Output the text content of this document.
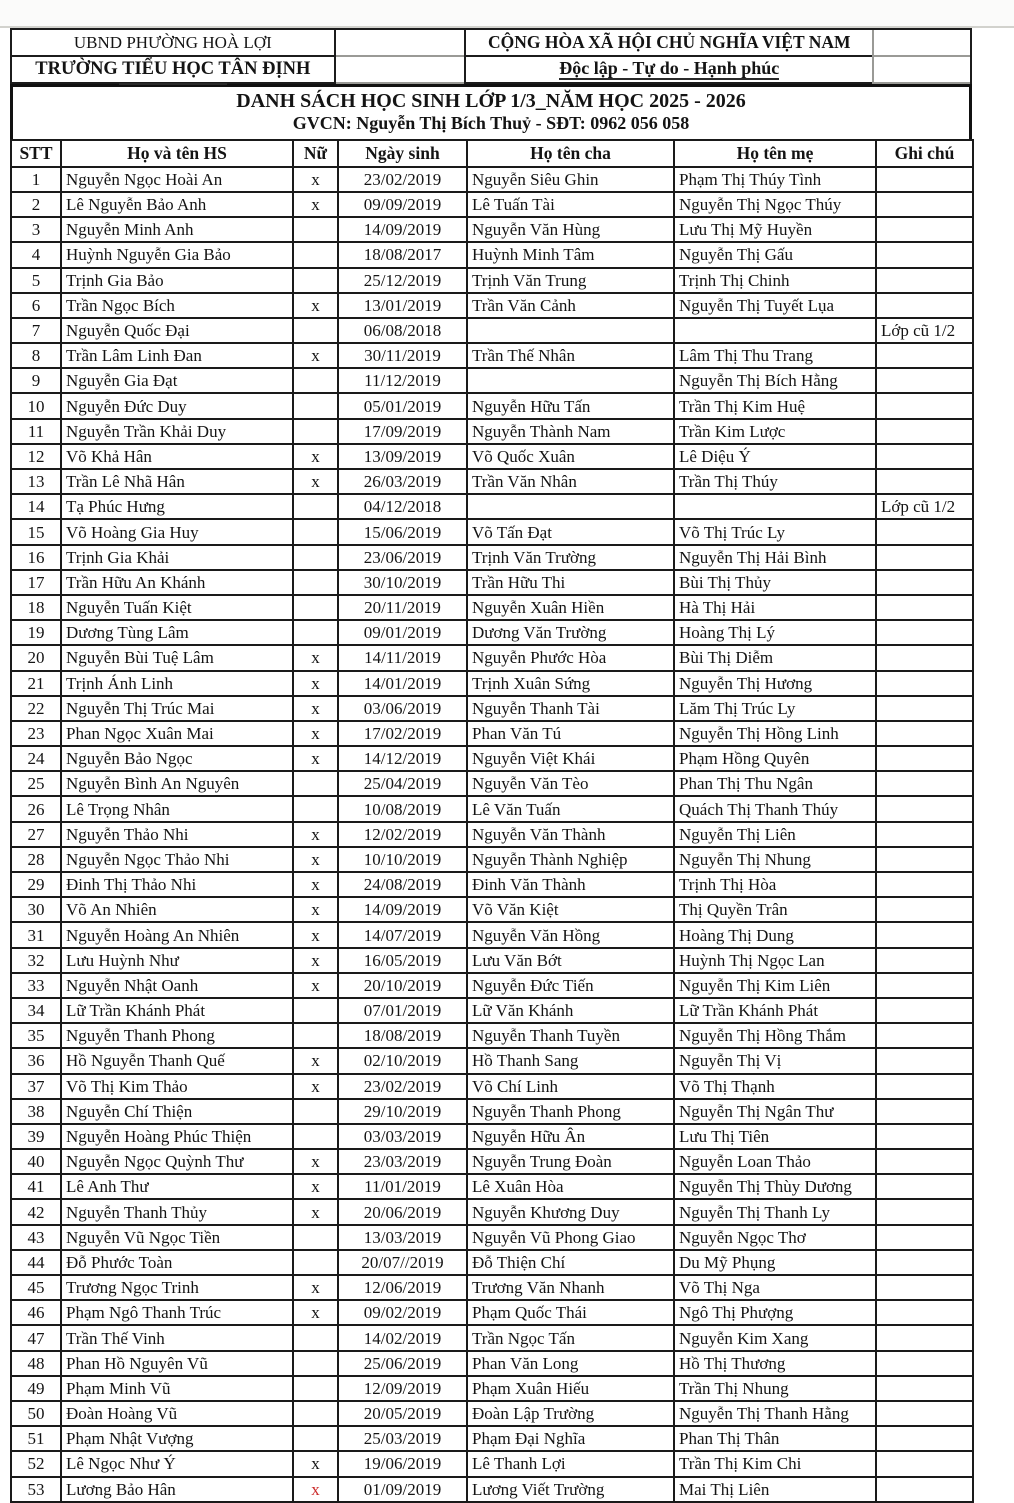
UBND PHƯỜNG HOÀ LỢI
TRƯỜNG TIỂU HỌC TÂN ĐỊNH
CỘNG HÒA XÃ HỘI CHỦ NGHĨA VIỆT NAM
Độc lập - Tự do - Hạnh phúc
DANH SÁCH HỌC SINH LỚP 1/3_NĂM HỌC 2025 - 2026
GVCN: Nguyễn Thị Bích Thuỷ - SĐT: 0962 056 058
STT	Họ và tên HS	Nữ	Ngày sinh	Họ tên cha	Họ tên mẹ	Ghi chú
1	Nguyễn Ngọc Hoài An	x	23/02/2019	Nguyễn Siêu Ghin	Phạm Thị Thúy Tình	
2	Lê Nguyễn Bảo Anh	x	09/09/2019	Lê Tuấn Tài	Nguyễn Thị Ngọc Thúy	
3	Nguyễn Minh Anh		14/09/2019	Nguyễn Văn Hùng	Lưu Thị Mỹ Huyền	
4	Huỳnh Nguyễn Gia Bảo		18/08/2017	Huỳnh Minh Tâm	Nguyễn Thị Gấu	
5	Trịnh Gia Bảo		25/12/2019	Trịnh Văn Trung	Trịnh Thị Chinh	
6	Trần Ngọc Bích	x	13/01/2019	Trần Văn Cảnh	Nguyễn Thị Tuyết Lụa	
7	Nguyễn Quốc Đại		06/08/2018			Lớp cũ 1/2
8	Trần Lâm Linh Đan	x	30/11/2019	Trần Thế Nhân	Lâm Thị Thu Trang	
9	Nguyễn Gia Đạt		11/12/2019		Nguyễn Thị Bích Hằng	
10	Nguyễn Đức Duy		05/01/2019	Nguyễn Hữu Tấn	Trần Thị Kim Huệ	
11	Nguyễn Trần Khải Duy		17/09/2019	Nguyễn Thành Nam	Trần Kim Lược	
12	Võ Khả Hân	x	13/09/2019	Võ Quốc Xuân	Lê Diệu Ý	
13	Trần Lê Nhã Hân	x	26/03/2019	Trần Văn Nhân	Trần Thị Thúy	
14	Tạ Phúc Hưng		04/12/2018			Lớp cũ 1/2
15	Võ Hoàng Gia Huy		15/06/2019	Võ Tấn Đạt	Võ Thị Trúc Ly	
16	Trịnh Gia Khải		23/06/2019	Trịnh Văn Trường	Nguyễn Thị Hải Bình	
17	Trần Hữu An Khánh		30/10/2019	Trần Hữu Thi	Bùi Thị Thủy	
18	Nguyễn Tuấn Kiệt		20/11/2019	Nguyễn Xuân Hiền	Hà Thị Hải	
19	Dương Tùng Lâm		09/01/2019	Dương Văn Trường	Hoàng Thị Lý	
20	Nguyễn Bùi Tuệ Lâm	x	14/11/2019	Nguyễn Phước Hòa	Bùi Thị Diễm	
21	Trịnh Ánh Linh	x	14/01/2019	Trịnh Xuân Sứng	Nguyễn Thị Hương	
22	Nguyễn Thị Trúc Mai	x	03/06/2019	Nguyễn Thanh Tài	Lăm Thị Trúc Ly	
23	Phan Ngọc Xuân Mai	x	17/02/2019	Phan Văn Tú	Nguyễn Thị Hồng Linh	
24	Nguyễn Bảo Ngọc	x	14/12/2019	Nguyễn Việt Khái	Phạm Hồng Quyên	
25	Nguyễn Bình An Nguyên		25/04/2019	Nguyễn Văn Tèo	Phan Thị Thu Ngân	
26	Lê Trọng Nhân		10/08/2019	Lê Văn Tuấn	Quách Thị Thanh Thúy	
27	Nguyễn Thảo Nhi	x	12/02/2019	Nguyễn Văn Thành	Nguyễn Thị Liên	
28	Nguyễn Ngọc Thảo Nhi	x	10/10/2019	Nguyễn Thành Nghiệp	Nguyễn Thị Nhung	
29	Đinh Thị Thảo Nhi	x	24/08/2019	Đinh Văn Thành	Trịnh Thị Hòa	
30	Võ An Nhiên	x	14/09/2019	Võ Văn Kiệt	Thị Quyền Trân	
31	Nguyễn Hoàng An Nhiên	x	14/07/2019	Nguyễn Văn Hồng	Hoàng Thị Dung	
32	Lưu Huỳnh Như	x	16/05/2019	Lưu Văn Bớt	Huỳnh Thị Ngọc Lan	
33	Nguyễn Nhật Oanh	x	20/10/2019	Nguyễn Đức Tiến	Nguyễn Thị Kim Liên	
34	Lữ Trần Khánh Phát		07/01/2019	Lữ Văn Khánh	Lữ Trần Khánh Phát	
35	Nguyễn Thanh Phong		18/08/2019	Nguyễn Thanh Tuyền	Nguyễn Thị Hồng Thắm	
36	Hồ Nguyễn Thanh Quế	x	02/10/2019	Hồ Thanh Sang	Nguyễn Thị Vị	
37	Võ Thị Kim Thảo	x	23/02/2019	Võ Chí Linh	Võ Thị Thạnh	
38	Nguyễn Chí Thiện		29/10/2019	Nguyễn Thanh Phong	Nguyễn Thị Ngân Thư	
39	Nguyễn Hoàng Phúc Thiện		03/03/2019	Nguyễn Hữu Ân	Lưu Thị Tiên	
40	Nguyễn Ngọc Quỳnh Thư	x	23/03/2019	Nguyễn Trung Đoàn	Nguyễn Loan Thảo	
41	Lê Anh Thư	x	11/01/2019	Lê Xuân Hòa	Nguyễn Thị Thùy Dương	
42	Nguyễn Thanh Thủy	x	20/06/2019	Nguyễn Khương Duy	Nguyễn Thị Thanh Ly	
43	Nguyễn Vũ Ngọc Tiền		13/03/2019	Nguyễn Vũ Phong Giao	Nguyễn Ngọc Thơ	
44	Đỗ Phước Toàn		20/07//2019	Đỗ Thiện Chí	Du Mỹ Phụng	
45	Trương Ngọc Trinh	x	12/06/2019	Trương Văn Nhanh	Võ Thị Nga	
46	Phạm Ngô Thanh Trúc	x	09/02/2019	Phạm Quốc Thái	Ngô Thị Phượng	
47	Trần Thế Vinh		14/02/2019	Trần Ngọc Tấn	Nguyễn Kim Xang	
48	Phan Hồ Nguyên Vũ		25/06/2019	Phan Văn Long	Hồ Thị Thương	
49	Phạm Minh Vũ		12/09/2019	Phạm Xuân Hiếu	Trần Thị Nhung	
50	Đoàn Hoàng Vũ		20/05/2019	Đoàn Lập Trường	Nguyễn Thị Thanh Hằng	
51	Phạm Nhật Vượng		25/03/2019	Phạm Đại Nghĩa	Phan Thị Thân	
52	Lê Ngọc Như Ý	x	19/06/2019	Lê Thanh Lợi	Trần Thị Kim Chi	
53	Lương Bảo Hân	x	01/09/2019	Lương Viết Trường	Mai Thị Liên	
